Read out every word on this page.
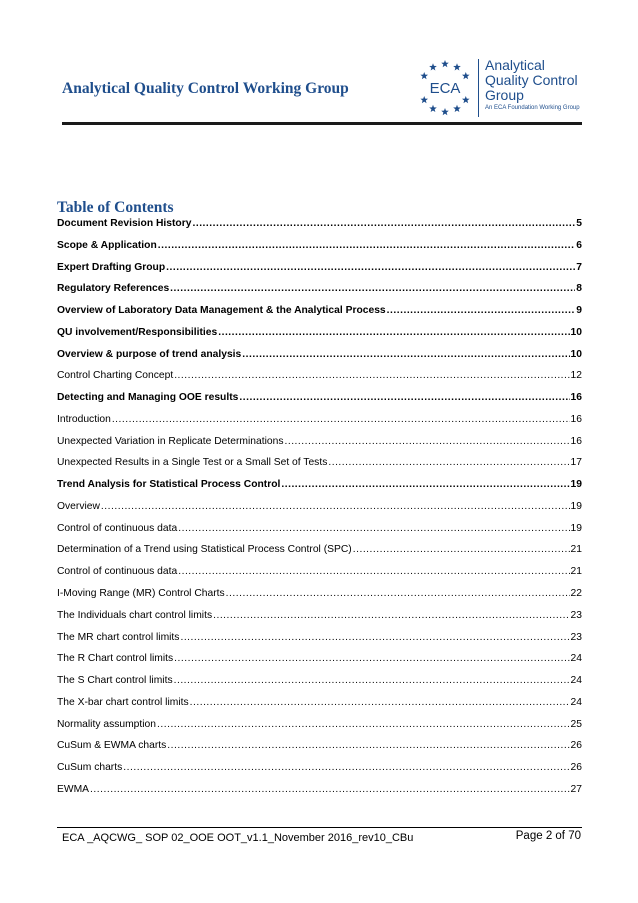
Analytical Quality Control Working Group	ECA
Analytical
Quality Control
Group
An ECA Foundation Working Group
Table of Contents
Document Revision History .....	5
Scope & Application .....	6
Expert Drafting Group .....	7
Regulatory References .....	8
Overview of Laboratory Data Management & the Analytical Process .....	9
QU involvement/Responsibilities .....	10
Overview & purpose of trend analysis .....	10
Control Charting Concept .....	12
Detecting and Managing OOE results .....	16
Introduction .....	16
Unexpected Variation in Replicate Determinations .....	16
Unexpected Results in a Single Test or a Small Set of Tests .....	17
Trend Analysis for Statistical Process Control .....	19
Overview .....	19
Control of continuous data .....	19
Determination of a Trend using Statistical Process Control (SPC) .....	21
Control of continuous data .....	21
I-Moving Range (MR) Control Charts .....	22
The Individuals chart control limits .....	23
The MR chart control limits .....	23
The R Chart control limits .....	24
The S Chart control limits .....	24
The X-bar chart control limits .....	24
Normality assumption .....	25
CuSum & EWMA charts .....	26
CuSum charts .....	26
EWMA .....	27
ECA _AQCWG_ SOP 02_OOE OOT_v1.1_November 2016_rev10_CBu	Page 2 of 70
